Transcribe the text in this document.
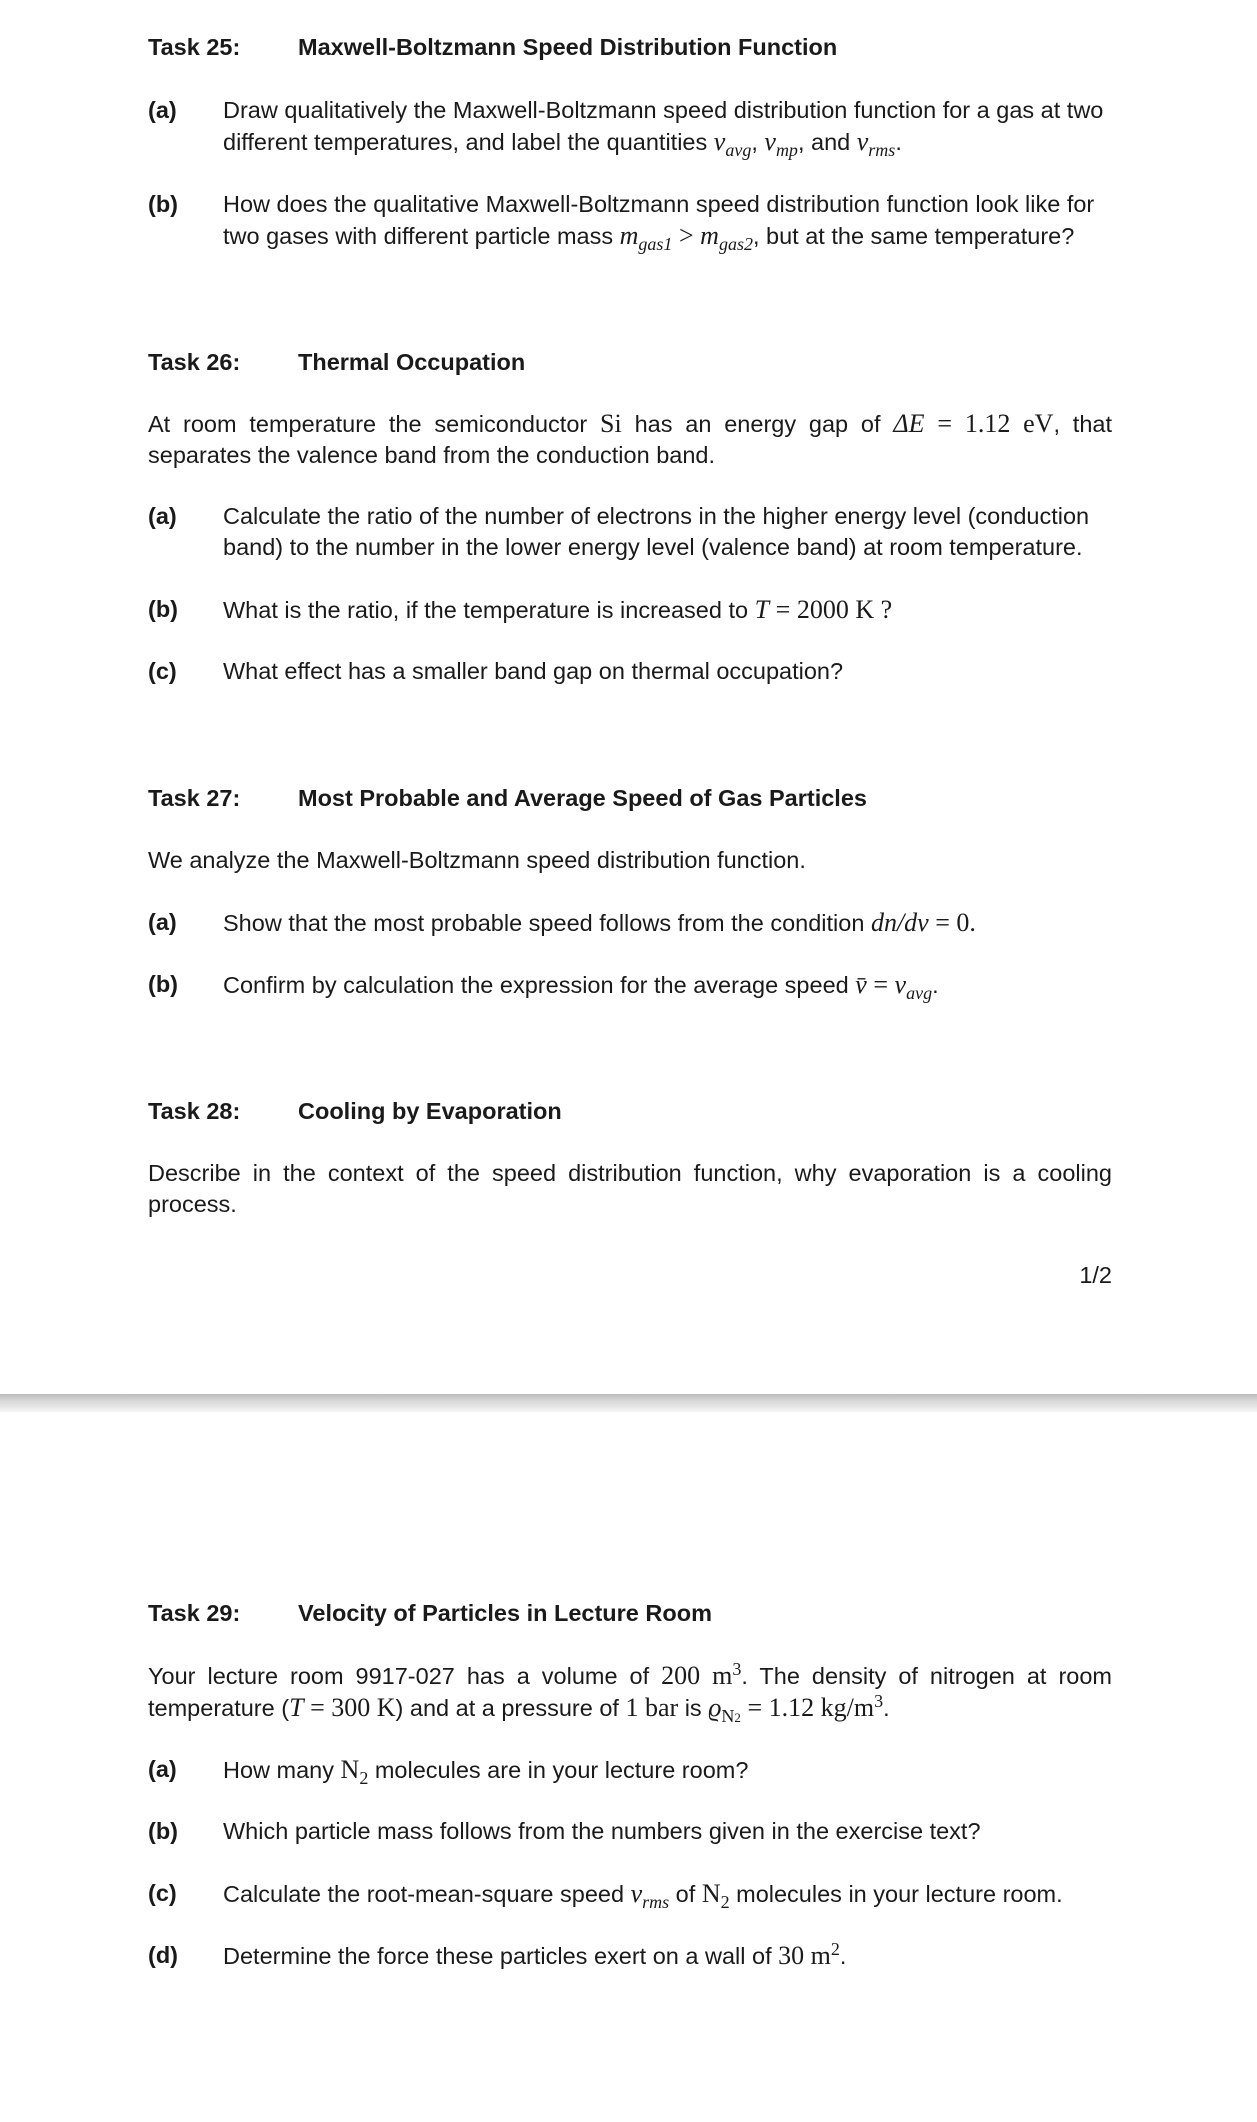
Task 25: Maxwell-Boltzmann Speed Distribution Function
(a) Draw qualitatively the Maxwell-Boltzmann speed distribution function for a gas at two
different temperatures, and label the quantities $v_{avg}$, $v_{mp}$, and $v_{rms}$.
(b) How does the qualitative Maxwell-Boltzmann speed distribution function look like for
two gases with different particle mass $m_{gas1} > m_{gas2}$, but at the same temperature?
Task 26: Thermal Occupation
At room temperature the semiconductor Si has an energy gap of ΔE = 1.12 eV, that separates the valence band from the conduction band.
(a) Calculate the ratio of the number of electrons in the higher energy level (conduction band) to the number in the lower energy level (valence band) at room temperature.
(b) What is the ratio, if the temperature is increased to T = 2000 K ?
(c) What effect has a smaller band gap on thermal occupation?
Task 27: Most Probable and Average Speed of Gas Particles
We analyze the Maxwell-Boltzmann speed distribution function.
(a) Show that the most probable speed follows from the condition dn/dv = 0.
(b) Confirm by calculation the expression for the average speed v̄ = $v_{avg}$.
Task 28: Cooling by Evaporation
Describe in the context of the speed distribution function, why evaporation is a cooling process.
1/2
Task 29: Velocity of Particles in Lecture Room
Your lecture room 9917-027 has a volume of 200 $m^3$. The density of nitrogen at room temperature (T = 300 K) and at a pressure of 1 bar is $ϱ_{N2} = 1.12$ $kg/m^3$.
(a) How many $N_2$ molecules are in your lecture room?
(b) Which particle mass follows from the numbers given in the exercise text?
(c) Calculate the root-mean-square speed $v_{rms}$ of $N_2$ molecules in your lecture room.
(d) Determine the force these particles exert on a wall of 30 $m^2$.
